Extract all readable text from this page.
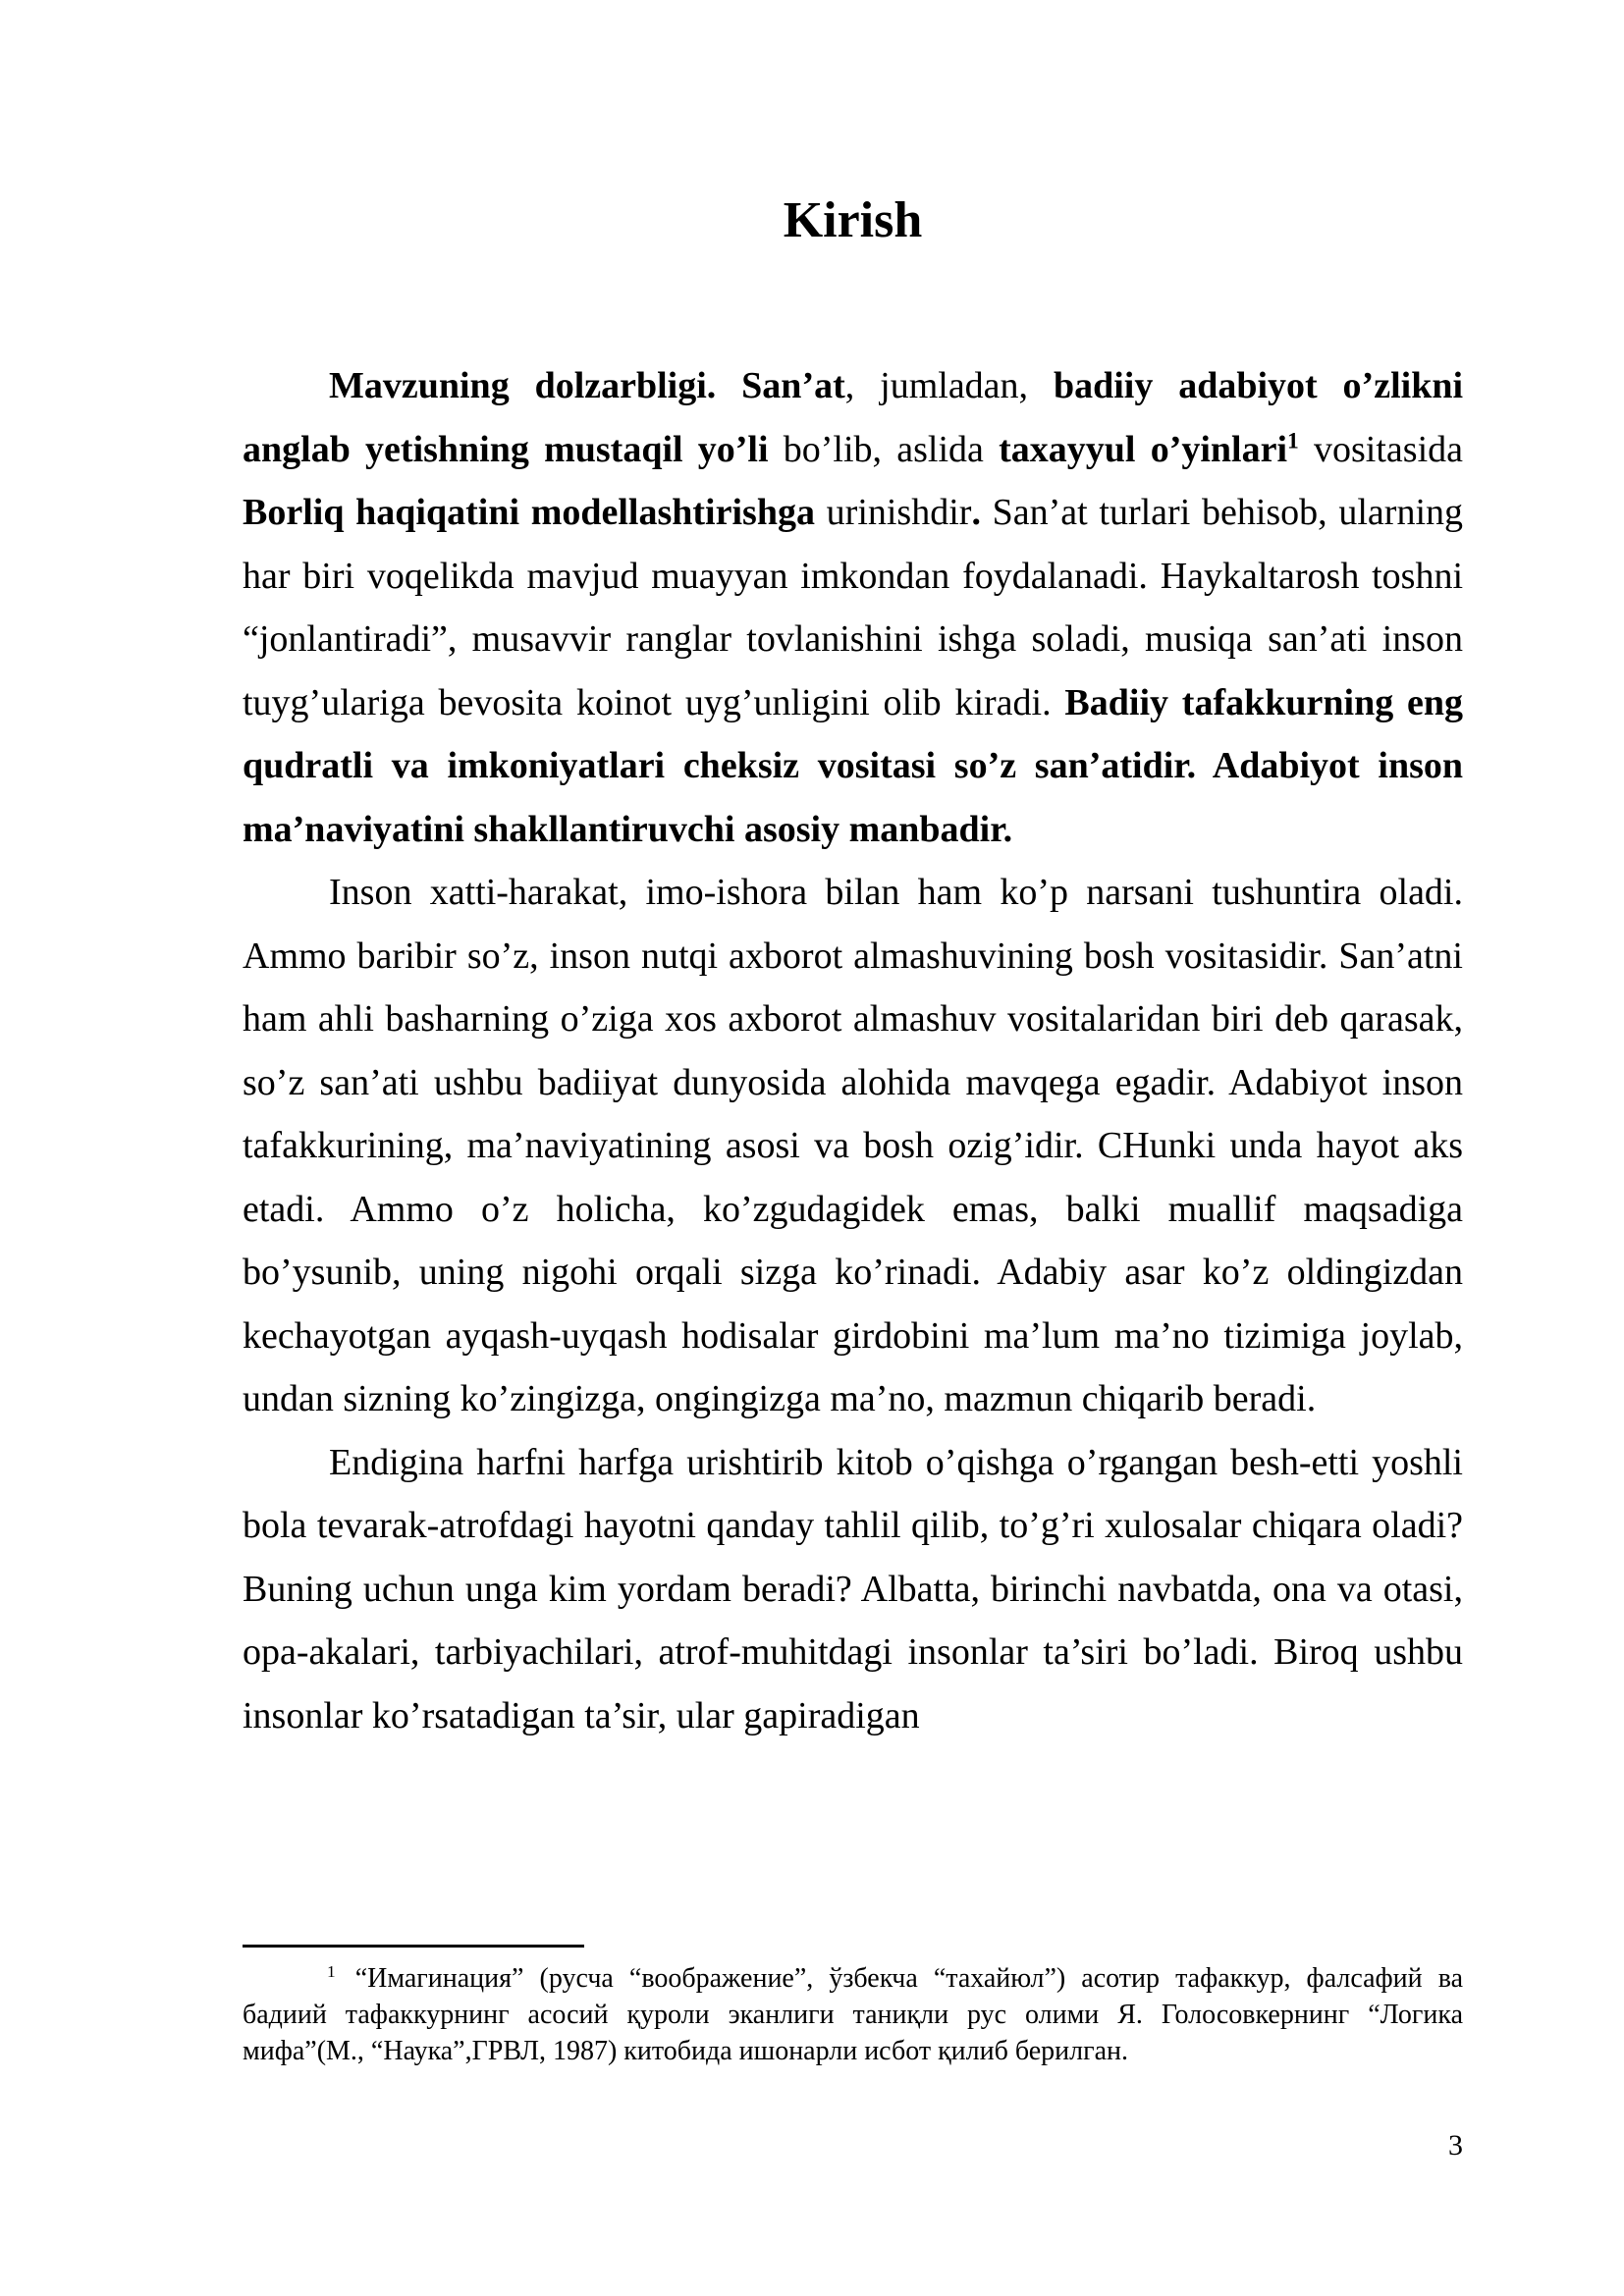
Kirish

Mavzuning dolzarbligi. San’at, jumladan, badiiy adabiyot o’zlikni anglab yetishning mustaqil yo’li bo’lib, aslida taxayyul o’yinlari$^1$ vositasida Borliq haqiqatini modellashtirishga urinishdir. San’at turlari behisob, ularning har biri voqelikda mavjud muayyan imkondan foydalanadi. Haykaltarosh toshni “jonlantiradi”, musavvir ranglar tovlanishini ishga soladi, musiqa san’ati inson tuyg’ulariga bevosita koinot uyg’unligini olib kiradi. Badiiy tafakkurning eng qudratli va imkoniyatlari cheksiz vositasi so’z san’atidir. Adabiyot inson ma’naviyatini shakllantiruvchi asosiy manbadir.

Inson xatti-harakat, imo-ishora bilan ham ko’p narsani tushuntira oladi. Ammo baribir so’z, inson nutqi axborot almashuvining bosh vositasidir. San’atni ham ahli basharning o’ziga xos axborot almashuv vositalaridan biri deb qarasak, so’z san’ati ushbu badiiyat dunyosida alohida mavqega egadir. Adabiyot inson tafakkurining, ma’naviyatining asosi va bosh ozig’idir. CHunki unda hayot aks etadi. Ammo o’z holicha, ko’zgudagidek emas, balki muallif maqsadiga bo’ysunib, uning nigohi orqali sizga ko’rinadi. Adabiy asar ko’z oldingizdan kechayotgan ayqash-uyqash hodisalar girdobini ma’lum ma’no tizimiga joylab, undan sizning ko’zingizga, ongingizga ma’no, mazmun chiqarib beradi.

Endigina harfni harfga urishtirib kitob o’qishga o’rgangan besh-etti yoshli bola tevarak-atrofdagi hayotni qanday tahlil qilib, to’g’ri xulosalar chiqara oladi? Buning uchun unga kim yordam beradi? Albatta, birinchi navbatda, ona va otasi, opa-akalari, tarbiyachilari, atrof-muhitdagi insonlar ta’siri bo’ladi. Biroq ushbu insonlar ko’rsatadigan ta’sir, ular gapiradigan

$^1$ “Имагинация” (русча “воображение”, ўзбекча “тахайюл”) асотир тафаккур, фалсафий ва бадиий тафаккурнинг асосий қуроли эканлиги таниқли рус олими Я. Голосовкернинг “Логика мифа”(М., “Наука”,ГРВЛ, 1987) китобида ишонарли исбот қилиб берилган.

3
